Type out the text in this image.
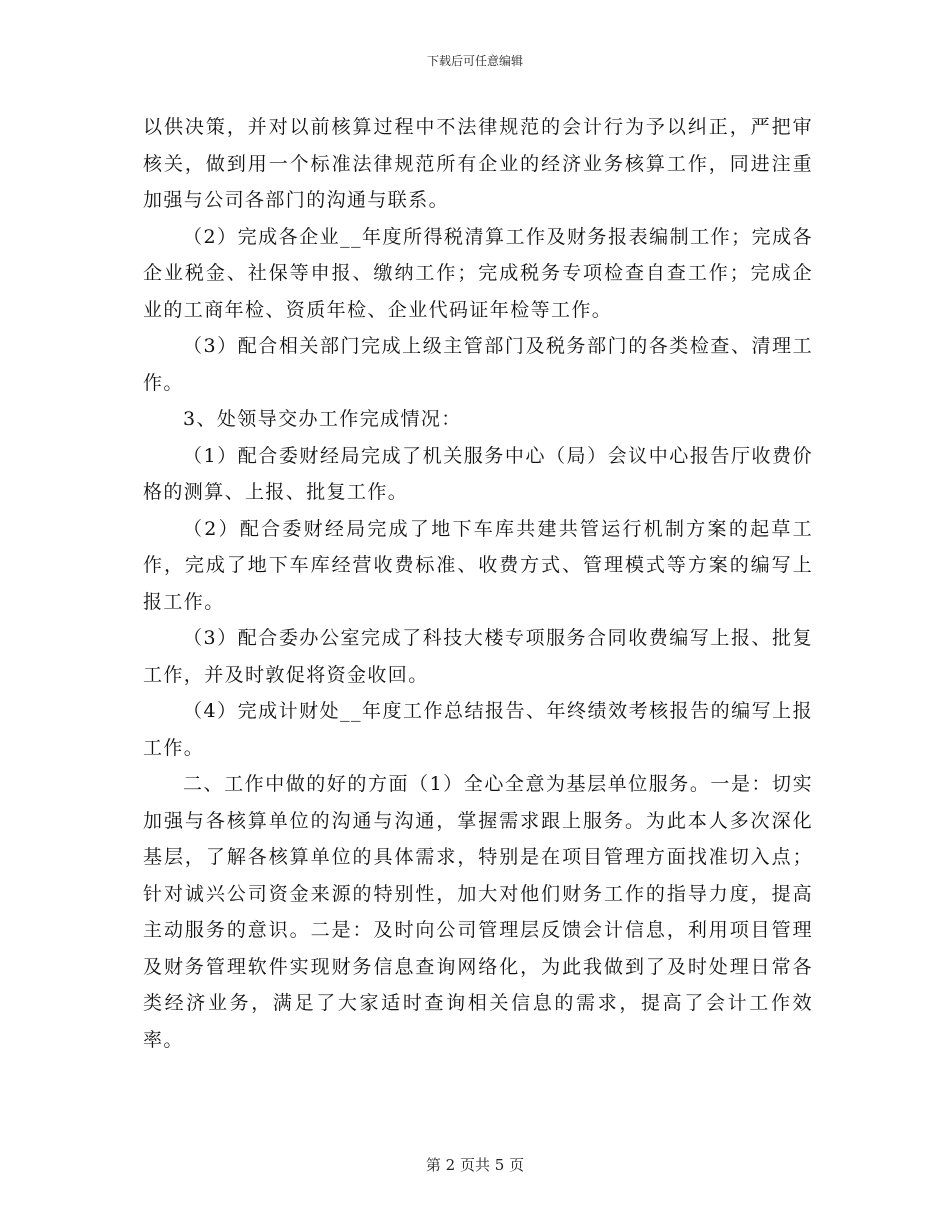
下载后可任意编辑

以供决策，并对以前核算过程中不法律规范的会计行为予以纠正，严把审核关，做到用一个标准法律规范所有企业的经济业务核算工作，同进注重加强与公司各部门的沟通与联系。

（2）完成各企业__年度所得税清算工作及财务报表编制工作；完成各企业税金、社保等申报、缴纳工作；完成税务专项检查自查工作；完成企业的工商年检、资质年检、企业代码证年检等工作。

（3）配合相关部门完成上级主管部门及税务部门的各类检查、清理工作。

3、处领导交办工作完成情况：

（1）配合委财经局完成了机关服务中心（局）会议中心报告厅收费价格的测算、上报、批复工作。

（2）配合委财经局完成了地下车库共建共管运行机制方案的起草工作，完成了地下车库经营收费标准、收费方式、管理模式等方案的编写上报工作。

（3）配合委办公室完成了科技大楼专项服务合同收费编写上报、批复工作，并及时敦促将资金收回。

（4）完成计财处__年度工作总结报告、年终绩效考核报告的编写上报工作。

二、工作中做的好的方面（1）全心全意为基层单位服务。一是：切实加强与各核算单位的沟通与沟通，掌握需求跟上服务。为此本人多次深化基层，了解各核算单位的具体需求，特别是在项目管理方面找准切入点；针对诚兴公司资金来源的特别性，加大对他们财务工作的指导力度，提高主动服务的意识。二是：及时向公司管理层反馈会计信息，利用项目管理及财务管理软件实现财务信息查询网络化，为此我做到了及时处理日常各类经济业务，满足了大家适时查询相关信息的需求，提高了会计工作效率。

第 2 页共 5 页
